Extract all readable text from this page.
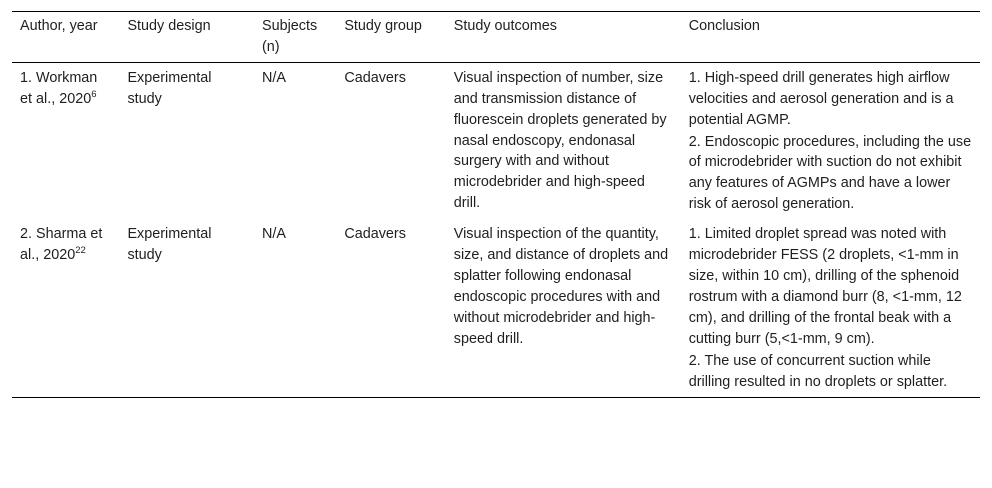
Author, year	Study design	Subjects (n)	Study group	Study outcomes	Conclusion
1. Workman et al., 2020$^6$	Experimental study	N/A	Cadavers	Visual inspection of number, size and transmission distance of fluorescein droplets generated by nasal endoscopy, endonasal surgery with and without microdebrider and high-speed drill.	1. High-speed drill generates high airflow velocities and aerosol generation and is a potential AGMP.

2. Endoscopic procedures, including the use of microdebrider with suction do not exhibit any features of AGMPs and have a lower risk of aerosol generation.

2. Sharma et al., 2020$^{22}$	Experimental study	N/A	Cadavers	Visual inspection of the quantity, size, and distance of droplets and splatter following endonasal endoscopic procedures with and without microdebrider and high-speed drill.	1. Limited droplet spread was noted with microdebrider FESS (2 droplets, <1-mm in size, within 10 cm), drilling of the sphenoid rostrum with a diamond burr (8, <1-mm, 12 cm), and drilling of the frontal beak with a cutting burr (5,<1-mm, 9 cm).

2. The use of concurrent suction while drilling resulted in no droplets or splatter.
